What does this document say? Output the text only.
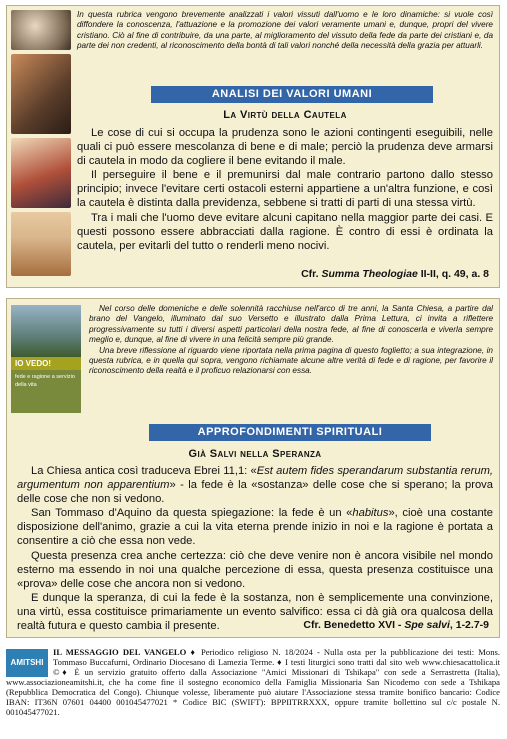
In questa rubrica vengono brevemente analizzati i valori vissuti dall'uomo e le loro dinamiche: si vuole così diffondere la conoscenza, l'attuazione e la promozione dei valori veramente umani e, dunque, propri del vivere cristiano. Ciò al fine di contribuire, da una parte, al miglioramento del vissuto della fede da parte dei cristiani e, da parte dei non credenti, al riconoscimento della bontà di tali valori nonché della necessità della grazia per attuarli.
ANALISI DEI VALORI UMANI
La Virtù della Cautela

Le cose di cui si occupa la prudenza sono le azioni contingenti eseguibili, nelle quali ci può essere mescolanza di bene e di male; perciò la prudenza deve armarsi di cautela in modo da cogliere il bene evitando il male.

Il perseguire il bene e il premunirsi dal male contrario partono dallo stesso principio; invece l'evitare certi ostacoli esterni appartiene a un'altra funzione, e così la cautela è distinta dalla previdenza, sebbene si tratti di parti di una stessa virtù.

Tra i mali che l'uomo deve evitare alcuni capitano nella maggior parte dei casi. E questi possono essere abbracciati dalla ragione. È contro di essi è ordinata la cautela, per evitarli del tutto o renderli meno nocivi.

Cfr. Summa Theologiae II-II, q. 49, a. 8
IO VEDO!
fede e ragione a servizio della vita
Nel corso delle domeniche e delle solennità racchiuse nell'arco di tre anni, la Santa Chiesa, a partire dal brano del Vangelo, illuminato dal suo Versetto e illustrato dalla Prima Lettura, ci invita a riflettere progressivamente su tutti i diversi aspetti particolari della nostra fede, al fine di conoscerla e viverla sempre meglio e, dunque, al fine di vivere in una felicità sempre più grande.
Una breve riflessione al riguardo viene riportata nella prima pagina di questo foglietto; a sua integrazione, in questa rubrica, e in quella qui sopra, vengono richiamate alcune altre verità di fede e di ragione, per favorire il riconoscimento della realtà e il proficuo relazionarsi con essa.
APPROFONDIMENTI SPIRITUALI
Già Salvi nella Speranza

La Chiesa antica così traduceva Ebrei 11,1: «Est autem fides sperandarum substantia rerum, argumentum non apparentium» - la fede è la «sostanza» delle cose che si sperano; la prova delle cose che non si vedono.

San Tommaso d'Aquino da questa spiegazione: la fede è un «habitus», cioè una costante disposizione dell'animo, grazie a cui la vita eterna prende inizio in noi e la ragione è portata a consentire a ciò che essa non vede.

Questa presenza crea anche certezza: ciò che deve venire non è ancora visibile nel mondo esterno ma essendo in noi una qualche percezione di essa, questa presenza costituisce una «prova» delle cose che ancora non si vedono.

E dunque la speranza, di cui la fede è la sostanza, non è semplicemente una convinzione, una virtù, essa costituisce primariamente un evento salvifico: essa ci dà già ora qualcosa della realtà futura e questo cambia il presente.	Cfr. Benedetto XVI - Spe salvi, 1-2.7-9
AMITSHI
IL MESSAGGIO DEL VANGELO ♦ Periodico religioso N. 18/2024 - Nulla osta per la pubblicazione dei testi: Mons. Tommaso Buccafurni, Ordinario Diocesano di Lamezia Terme. ♦ I testi liturgici sono tratti dal sito web www.chiesacattolica.it ©♦ È un servizio gratuito offerto dalla Associazione "Amici Missionari di Tshikapa" con sede a Serrastretta (Italia), www.associazioneamitshi.it, che ha come fine il sostegno economico della Famiglia Missionaria San Nicodemo con sede a Tshikapa (Repubblica Democratica del Congo). Chiunque volesse, liberamente può aiutare l'Associazione stessa tramite bonifico bancario: Codice IBAN: IT36N 07601 04400 001045477021 * Codice BIC (SWIFT): BPPIITRRXXX, oppure tramite bollettino sul c/c postale N. 001045477021.
